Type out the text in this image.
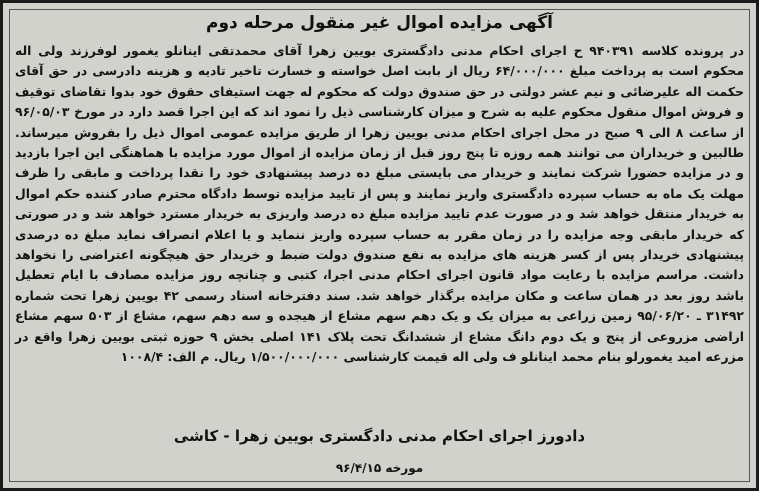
آگهی مزایده اموال غیر منقول مرحله دوم

در پرونده کلاسه ۹۴۰۳۹۱ ح اجرای احکام مدنی دادگستری بویین زهرا آقای محمدتقی اینانلو یغمور لوفرزند ولی اله محکوم است به پرداخت مبلغ ۶۴/۰۰۰/۰۰۰ ریال از بابت اصل خواسته و خسارت تاخیر تادیه و هزینه دادرسی در حق آقای حکمت اله علیرضائی و نیم عشر دولتی در حق صندوق دولت که محکوم له جهت استیفای حقوق خود بدوا تقاضای توقیف و فروش اموال منقول محکوم علیه به شرح و میزان کارشناسی ذیل را نمود اند که این اجرا قصد دارد در مورخ ۹۶/۰۵/۰۳ از ساعت ۸ الی ۹ صبح در محل اجرای احکام مدنی بویین زهرا از طریق مزایده عمومی اموال ذیل را بفروش میرساند. طالبین و خریداران می توانند همه روزه تا پنج روز قبل از زمان مزایده از اموال مورد مزایده با هماهنگی این اجرا بازدید و در مزایده حضورا شرکت نمایند و خریدار می بایستی مبلغ ده درصد پیشنهادی خود را نقدا پرداخت و مابقی را ظرف مهلت یک ماه به حساب سپرده دادگستری واریز نمایند و پس از تایید مزایده توسط دادگاه محترم صادر کننده حکم اموال به خریدار منتقل خواهد شد و در صورت عدم تایید مزایده مبلغ ده درصد واریزی به خریدار مسترد خواهد شد و در صورتی که خریدار مابقی وجه مزایده را در زمان مقرر به حساب سپرده واریز ننماید و یا اعلام انصراف نماید مبلغ ده درصدی پیشنهادی خریدار پس از کسر هزینه های مزایده به نفع صندوق دولت ضبط و خریدار حق هیچگونه اعتراضی را نخواهد داشت. مراسم مزایده با رعایت مواد قانون اجرای احکام مدنی اجرا، کتبی و چنانچه روز مزایده مصادف با ایام تعطیل باشد روز بعد در همان ساعت و مکان مزایده برگذار خواهد شد. سند دفترخانه اسناد رسمی ۴۲ بویین زهرا تحت شماره ۳۱۴۹۲ ـ ۹۵/۰۶/۲۰ زمین زراعی به میزان یک و یک دهم سهم مشاع از هیجده و سه دهم سهم، مشاع از ۵۰۳ سهم مشاع اراضی مزروعی از پنج و یک دوم دانگ مشاع از ششدانگ تحت پلاک ۱۴۱ اصلی بخش ۹ حوزه ثبتی بویین زهرا واقع در مزرعه امید یغمورلو بنام محمد اینانلو ف ولی اله قیمت کارشناسی ۱/۵۰۰/۰۰۰/۰۰۰ ریال. م الف: ۱۰۰۸/۴

دادورز اجرای احکام مدنی دادگستری بویین زهرا - کاشی

مورخه ۹۶/۴/۱۵
